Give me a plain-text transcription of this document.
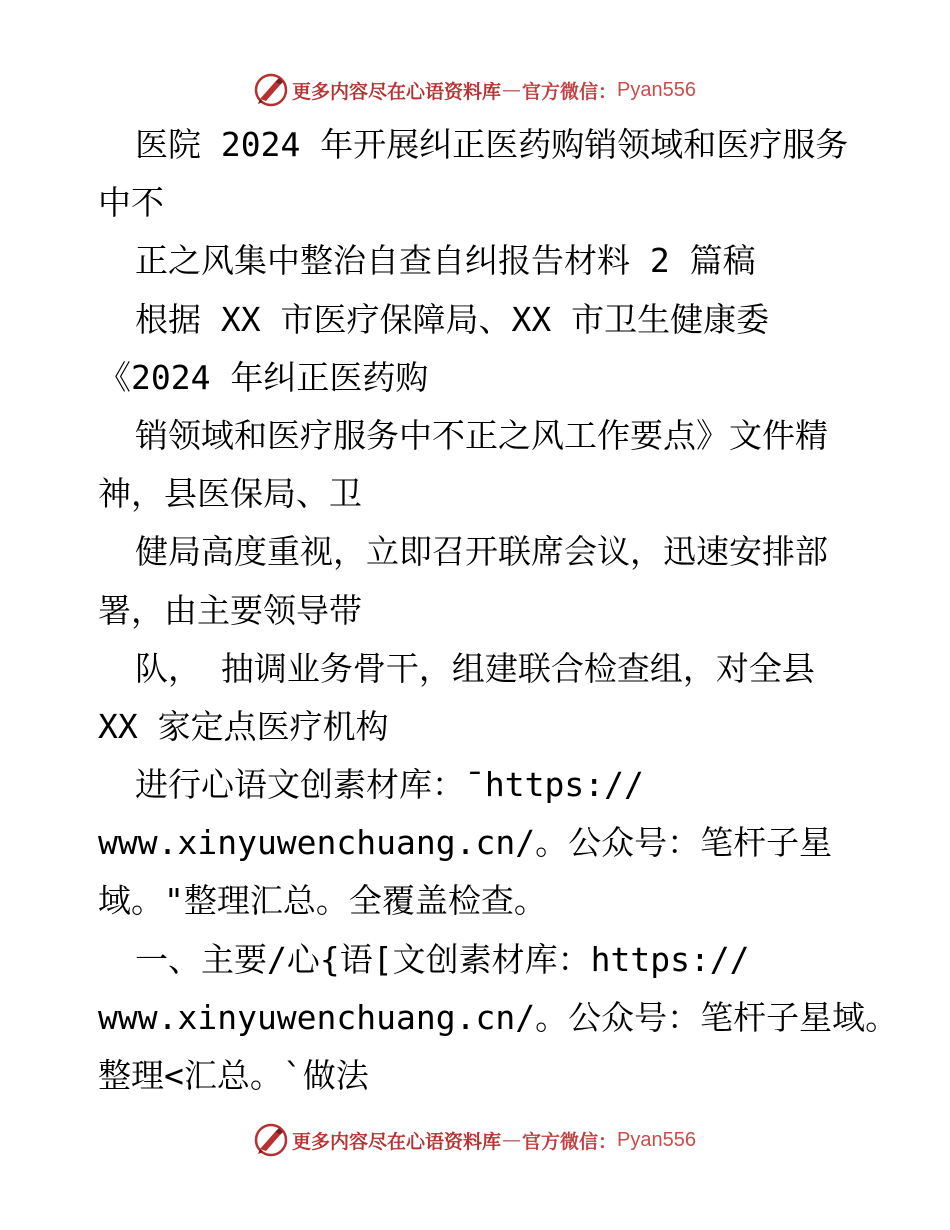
更多内容尽在心语资料库 — 官方微信： Pyan556
医院 2024 年开展纠正医药购销领域和医疗服务
中不
正之风集中整治自查自纠报告材料 2 篇稿
根据 XX 市医疗保障局、XX 市卫生健康委
《2024 年纠正医药购
销领域和医疗服务中不正之风工作要点》文件精
神，县医保局、卫
健局高度重视，立即召开联席会议，迅速安排部
署，由主要领导带
队， 抽调业务骨干，组建联合检查组，对全县
XX 家定点医疗机构
进行心语文创素材库：¯https://
www.xinyuwenchuang.cn/。公众号：笔杆子星
域。"整理汇总。全覆盖检查。
一、主要/心{语[文创素材库：https://
www.xinyuwenchuang.cn/。公众号：笔杆子星域。
整理<汇总。`做法
更多内容尽在心语资料库 — 官方微信： Pyan556
